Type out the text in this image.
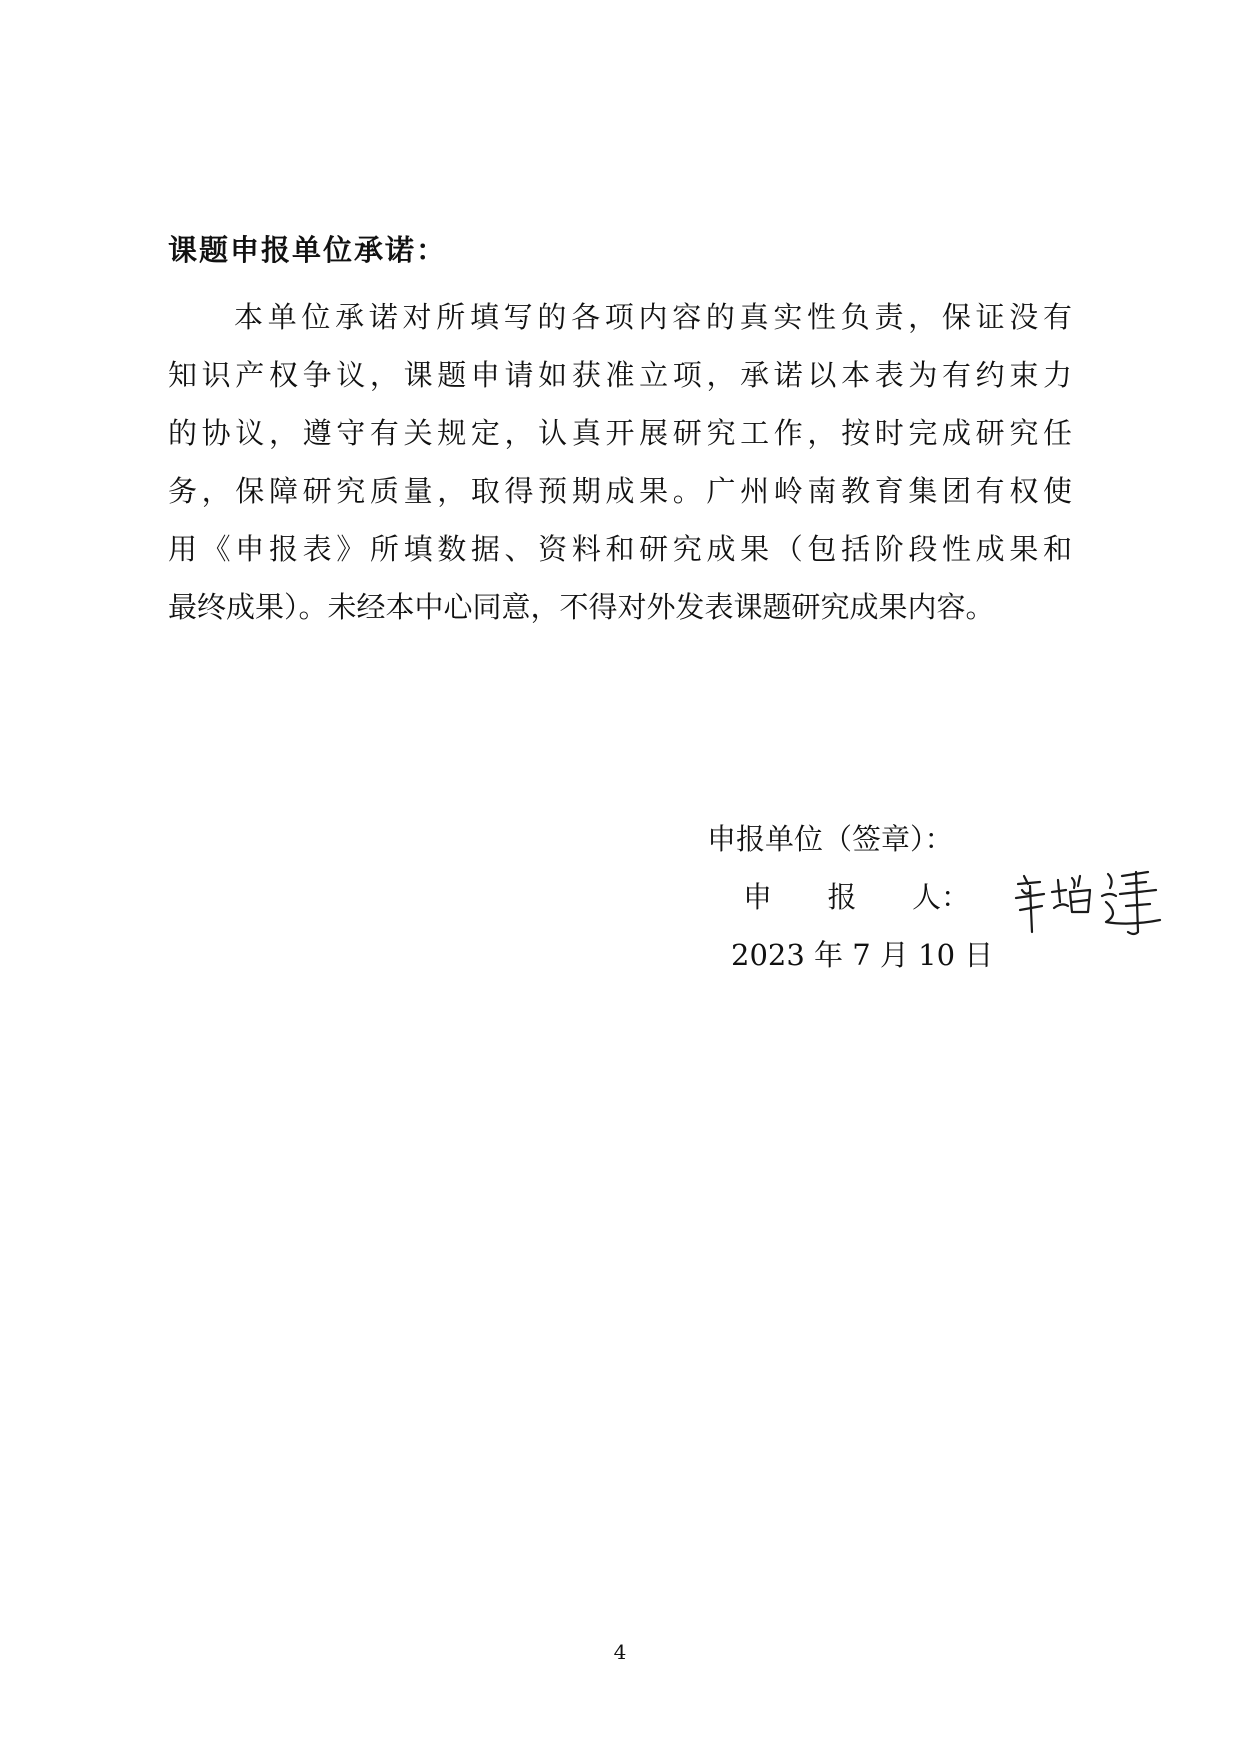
课题申报单位承诺：
本单位承诺对所填写的各项内容的真实性负责，保证没有
知识产权争议，课题申请如获准立项，承诺以本表为有约束力
的协议，遵守有关规定，认真开展研究工作，按时完成研究任
务，保障研究质量，取得预期成果。广州岭南教育集团有权使
用《申报表》所填数据、资料和研究成果（包括阶段性成果和
最终成果）。未经本中心同意，不得对外发表课题研究成果内容。
申报单位（签章）：
申报人 ：
2023 年 7 月 10 日

4
